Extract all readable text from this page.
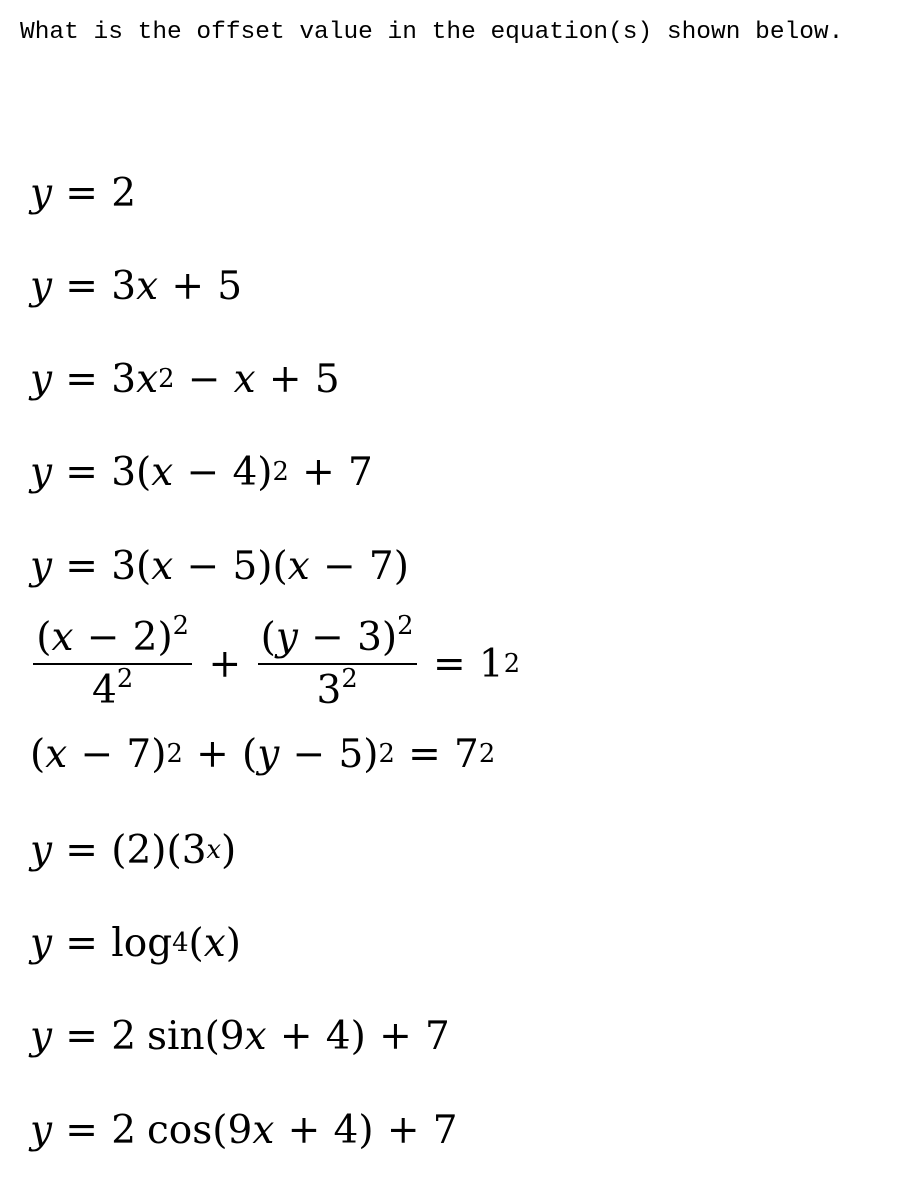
What is the offset value in the equation(s) shown below.

y = 2
y = 3 x + 5
y = 3 x 2 − x + 5
y = 3( x − 4) 2 + 7
y = 3( x − 5)( x − 7)
$\frac{(x - 2)^2}{4^2} + \frac{(y - 3)^2}{3^2} = 1$ 2
( x − 7) 2 + ( y − 5) 2 = 7 2
y = (2)(3 x )
y = log 4 ( x )
y = 2 sin(9 x + 4) + 7
y = 2 cos(9 x + 4) + 7
